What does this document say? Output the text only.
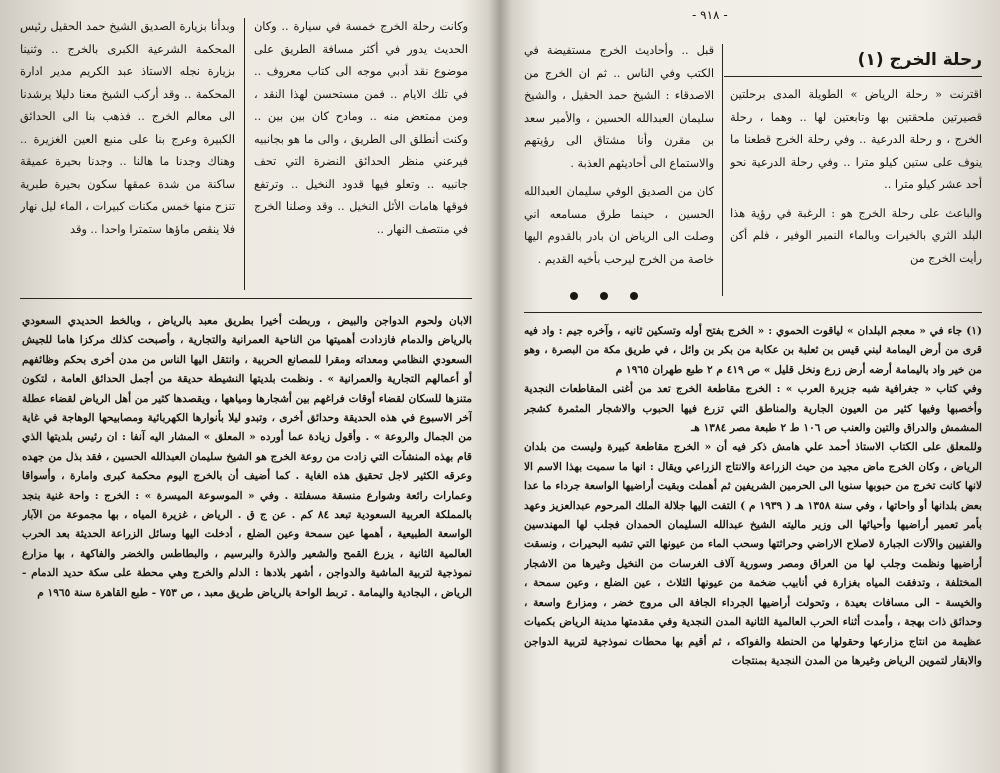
وبدأنا بزيارة الصديق الشيخ حمد الحقيل رئيس المحكمة الشرعية الكبرى بالخرج .. وثنينا بزيارة نجله الاستاذ عبد الكريم مدير ادارة المحكمة .. وقد أركب الشيخ معنا دليلا يرشدنا الى معالم الخرج .. فذهب بنا الى الحدائق الكبيرة وعرج بنا على منبع العين الغزيرة .. وهناك وجدنا ما هالنا .. وجدنا بحيرة عميقة ساكنة من شدة عمقها سكون بحيرة طبرية تنزح منها خمس مكنات كبيرات ، الماء ليل نهار فلا ينقص ماؤها ستمترا واحدا .. وقد

وكانت رحلة الخرج خمسة في سيارة .. وكان الحديث يدور في أكثر مسافة الطريق على موضوع نقد أدبي موجه الى كتاب معروف .. في تلك الايام .. فمن مستحسن لهذا النقد ، ومن ممتعض منه .. ومادح كان بين بين .. وكنت أنطلق الى الطريق ، والى ما هو بجانبيه فيرعني منظر الحدائق النضرة التي تحف جانبيه .. وتعلو فيها قدود النخيل .. وترتفع فوقها هامات الأثل النخيل .. وقد وصلنا الخرج في منتصف النهار ..

الابان ولحوم الدواجن والبيض ، وربطت أخيرا بطريق معبد بالرياض ، وبالخط الحديدي السعودي بالرياض والدمام فازدادت أهميتها من الناحية العمرانية والتجارية ، وأصبحت كذلك مركزا هاما للجيش السعودي النظامي ومعداته ومقرا للمصانع الحربية ، وانتقل اليها الناس من مدن أخرى بحكم وظائفهم أو أعمالهم التجارية والعمرانية » . ونظمت بلديتها النشيطة حديقة من أجمل الحدائق العامة ، لتكون متنزها للسكان لقضاء أوقات فراغهم بين أشجارها ومياهها ، ويقصدها كثير من أهل الرياض لقضاء عطلة آخر الاسبوع في هذه الحديقة وحدائق أخرى ، وتبدو ليلا بأنوارها الكهربائية ومصابيحها الوهاجة في غاية من الجمال والروعة » . وأقول زيادة عما أورده « المعلق » المشار اليه آنفا : ان رئيس بلديتها الذي قام بهذه المنشآت التي زادت من روعة الخرج هو الشيخ سليمان العبدالله الحسين ، فقد بذل من جهده وعرقه الكثير لاجل تحقيق هذه الغاية . كما أضيف أن بالخرج اليوم محكمة كبرى وامارة ، وأسواقا وعمارات رائعة وشوارع منسقة مسفلتة . وفي « الموسوعة الميسرة » : الخرج : واحة غنية بنجد بالمملكة العربية السعودية تبعد ٨٤ كم . عن ج ق . الرياض ، غزيرة المياه ، بها مجموعة من الآبار الواسعة الطبيعية ، أهمها عين سمحة وعين الضلع ، أدخلت اليها وسائل الزراعة الحديثة بعد الحرب العالمية الثانية ، يزرع القمح والشعير والذرة والبرسيم ، والبطاطس والخضر والفاكهة ، بها مزارع نموذجية لتربية الماشية والدواجن ، أشهر بلادها : الدلم والخرج وهي محطة على سكة حديد الدمام - الرياض ، البجادية واليمامة . تربط الواحة بالرياض طريق معبد ، ص ٧٥٣ - طبع القاهرة سنة ١٩٦٥ م

- ٩١٨ -
رحلة الخرج (١)

اقترنت « رحلة الرياض » الطويلة المدى برحلتين قصيرتين ملحقتين بها وتابعتين لها .. وهما ، رحلة الخرج ، و رحلة الدرعية .. وفي رحلة الخرج قطعنا ما ينوف على ستين كيلو مترا .. وفي رحلة الدرعية نحو أحد عشر كيلو مترا ..

والباعث على رحلة الخرج هو : الرغبة في رؤية هذا البلد الثري بالخيرات وبالماء النمير الوفير ، فلم أكن رأيت الخرج من

قبل .. وأحاديث الخرج مستفيضة في الكتب وفي الناس .. ثم ان الخرج من الاصدقاء : الشيخ حمد الحقيل ، والشيخ سليمان العبدالله الحسين ، والأمير سعد بن مقرن وأنا مشتاق الى رؤيتهم والاستماع الى أحاديثهم العذبة .

كان من الصديق الوفي سليمان العبدالله الحسين ، حينما طرق مسامعه اني وصلت الى الرياض ان بادر بالقدوم اليها خاصة من الخرج ليرحب بأخيه القديم .

(١) جاء في « معجم البلدان » لياقوت الحموي : « الخرج بفتح أوله وتسكين ثانيه ، وآخره جيم : واد فيه قرى من أرض اليمامة لبني قيس بن ثعلبة بن عكابة من بكر بن وائل ، في طريق مكة من البصرة ، وهو من خير واد باليمامة أرضه أرض زرع ونخل قليل » ص ٤١٩ م ٢ طبع طهران ١٩٦٥ م

وفي كتاب « جغرافية شبه جزيرة العرب » : الخرج مقاطعة الخرج تعد من أغنى المقاطعات النجدية وأخصبها وفيها كثير من العيون الجارية والمناطق التي تزرع فيها الحبوب والاشجار المثمرة كشجر المشمش والدراق والتين والعنب ص ١٠٦ ط ٢ طبعة مصر ١٣٨٤ هـ

وللمعلق على الكتاب الاستاذ أحمد علي هامش ذكر فيه أن « الخرج مقاطعة كبيرة وليست من بلدان الرياض ، وكان الخرج ماض مجيد من حيث الزراعة والانتاج الزراعي ويقال : انها ما سميت بهذا الاسم الا لانها كانت تخرج من حبوبها سنويا الى الحرمين الشريفين ثم أهملت وبقيت أراضيها الواسعة جرداء ما عدا بعض بلدانها أو واحاتها ، وفي سنة ١٣٥٨ هـ ( ١٩٣٩ م ) التفت اليها جلالة الملك المرحوم عبدالعزيز وعهد بأمر تعمير أراضيها وأحيائها الى وزير ماليته الشيخ عبدالله السليمان الحمدان فجلب لها المهندسين والفنيين والآلات الجبارة لاصلاح الاراضي وحراثتها وسحب الماء من عيونها التي تشبه البحيرات ، ونسقت أراضيها ونظمت وجلب لها من العراق ومصر وسورية آلاف الغرسات من النخيل وغيرها من الاشجار المختلفة ، وتدفقت المياه بغزارة في أنابيب ضخمة من عيونها الثلاث ، عين الضلع ، وعين سمحة ، والخيسة - الى مسافات بعيدة ، وتحولت أراضيها الجرداء الجافة الى مروج خضر ، ومزارع واسعة ، وحدائق ذات بهجة ، وأمدت أثناء الحرب العالمية الثانية المدن النجدية وفي مقدمتها مدينة الرياض بكميات عظيمة من انتاج مزارعها وحقولها من الحنطة والفواكه ، ثم أقيم بها محطات نموذجية لتربية الدواجن والابقار لتموين الرياض وغيرها من المدن النجدية بمنتجات
